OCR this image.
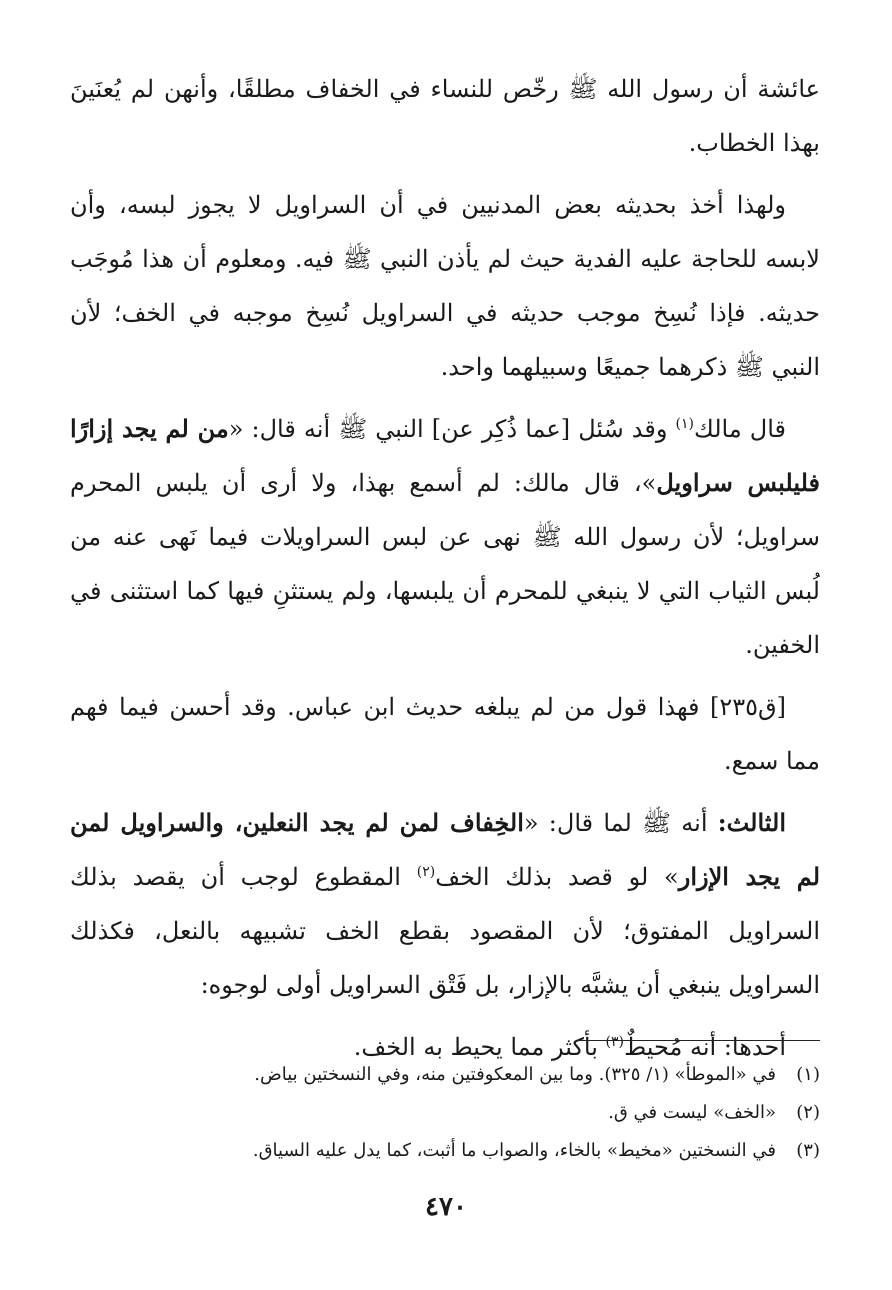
عائشة أن رسول الله ﷺ رخّص للنساء في الخفاف مطلقًا، وأنهن لم يُعنَينَ بهذا الخطاب.

ولهذا أخذ بحديثه بعض المدنيين في أن السراويل لا يجوز لبسه، وأن لابسه للحاجة عليه الفدية حيث لم يأذن النبي ﷺ فيه. ومعلوم أن هذا مُوجَب حديثه. فإذا نُسِخ موجب حديثه في السراويل نُسِخ موجبه في الخف؛ لأن النبي ﷺ ذكرهما جميعًا وسبيلهما واحد.

قال مالك$^{(١)}$ وقد سُئل [عما ذُكِر عن] النبي ﷺ أنه قال: «من لم يجد إزارًا فليلبس سراويل»، قال مالك: لم أسمع بهذا، ولا أرى أن يلبس المحرم سراويل؛ لأن رسول الله ﷺ نهى عن لبس السراويلات فيما نَهى عنه من لُبس الثياب التي لا ينبغي للمحرم أن يلبسها، ولم يستثنِ فيها كما استثنى في الخفين.

[ق٢٣٥] فهذا قول من لم يبلغه حديث ابن عباس. وقد أحسن فيما فهم مما سمع.

الثالث: أنه ﷺ لما قال: «الخِفاف لمن لم يجد النعلين، والسراويل لمن لم يجد الإزار» لو قصد بذلك الخف$^{(٢)}$ المقطوع لوجب أن يقصد بذلك السراويل المفتوق؛ لأن المقصود بقطع الخف تشبيهه بالنعل، فكذلك السراويل ينبغي أن يشبَّه بالإزار، بل فَتْق السراويل أولى لوجوه:

أحدها: أنه مُحيطٌ$^{(٣)}$ بأكثر مما يحيط به الخف.

(١)
في «الموطأ» (١/ ٣٢٥). وما بين المعكوفتين منه، وفي النسختين بياض.
(٢)
«الخف» ليست في ق.
(٣)
في النسختين «مخيط» بالخاء، والصواب ما أثبت، كما يدل عليه السياق.
٤٧٠
